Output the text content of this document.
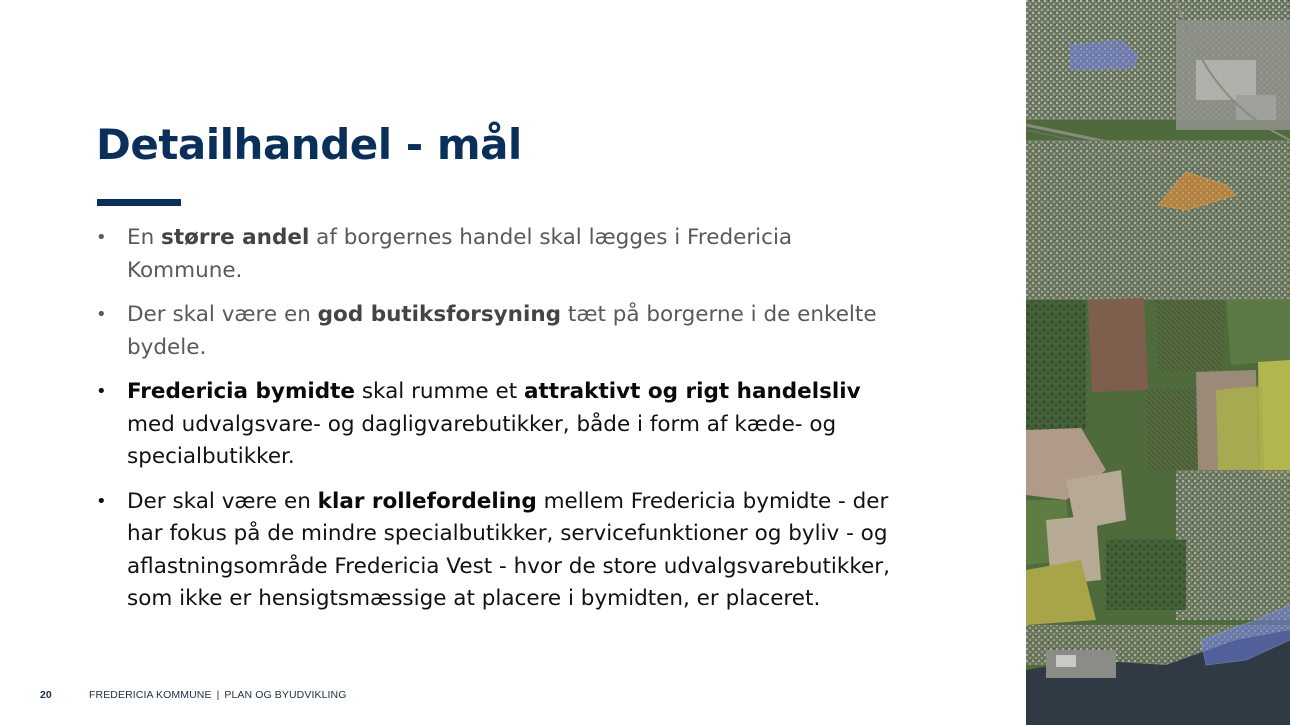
Detailhandel - mål
• En større andel af borgernes handel skal lægges i Fredericia Kommune.
• Der skal være en god butiksforsyning tæt på borgerne i de enkelte bydele.
• Fredericia bymidte skal rumme et attraktivt og rigt handelsliv med udvalgsvare- og dagligvarebutikker, både i form af kæde- og specialbutikker.
• Der skal være en klar rollefordeling mellem Fredericia bymidte - der har fokus på de mindre specialbutikker, servicefunktioner og byliv - og aflastningsområde Fredericia Vest - hvor de store udvalgsvarebutikker, som ikke er hensigtsmæssige at placere i bymidten, er placeret.
20	FREDERICIA KOMMUNE | PLAN OG BYUDVIKLING
